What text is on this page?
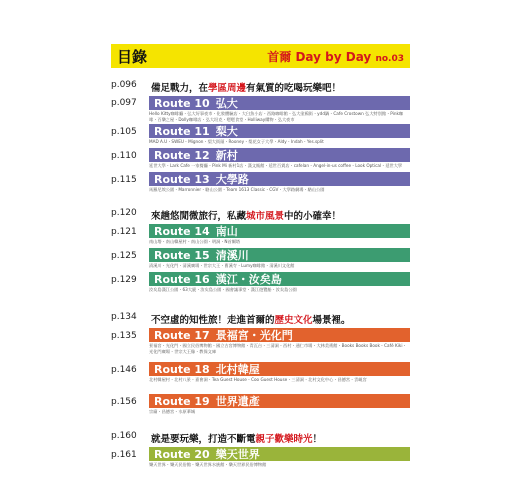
目錄	首爾 Day by Day no.03
p.096 備足戰力，在學區周邊有氣質的吃喝玩樂吧！
p.097	Route 10 弘大
Hello Kitty咖啡廳・弘大好事夜市・化妝體驗店・大臼魚小店・西路咖啡館・弘大塗鴉街・ydd鍋・Cafe Crostown 弘大特別館・Pink咖啡・百樂之屋・Dolly咖啡店・弘大坦克・嗯嗯食堂・Holliway購物・弘大夜市
p.105	Route 11 梨大
MAD A.U・SWEU・Mignon・梨大街頭・Rooney・梨花女子大學・Aldy・Indah・Yes.split
p.110	Route 12 新村
延世大學・Lark Cafe 一家餐廳・Pink Mi 新村1店・漢文飯館・延世百貨店・cafelan・Angel-in-us coffee・Look Optical・延世大學
p.115	Route 13 大學路
馬羅尼埃公園・Marronnier・駱山公園・Team 1613 Classic・CGV・大學路劇場・駱山公園
p.120 來趟悠閒微旅行，私藏城市風景中的小確幸！
p.121	Route 14 南山
南山塔・南山韓屋村・南山公園・明洞・N首爾塔
p.125	Route 15 清溪川
清溪川・光化門・清溪廣場・世宗大王・曹溪寺・Lumy咖啡館・清溪川文化館
p.129	Route 16 漢江・汝矣島
汝矣島漢江公園・63大廈・汝矣島公園・國會議事堂・漢江遊覽船・汝矣島公園
p.134 不空虛的知性旅！走進首爾的歷史文化場景裡。
p.135	Route 17 景福宮・光化門
景福宮・光化門・國立民俗博物館・國立古宮博物館・青瓦台・三清洞・西村・通仁市場・大林美術館・Books Books Book・Café Kiki・光化門廣場・世宗大王像・教保文庫
p.146	Route 18 北村韓屋
北村韓屋村・北村八景・嘉會洞・Tea Guest House・Coo Guest House・三清洞・北村文化中心・昌德宮・雲峴宮
p.156	Route 19 世界遺產
宗廟・昌德宮・水原華城
p.160 就是要玩樂，打造不斷電親子歡樂時光！
p.161	Route 20 樂天世界
樂天世界・樂天民俗館・樂天世界水族館・樂天世界民俗博物館
